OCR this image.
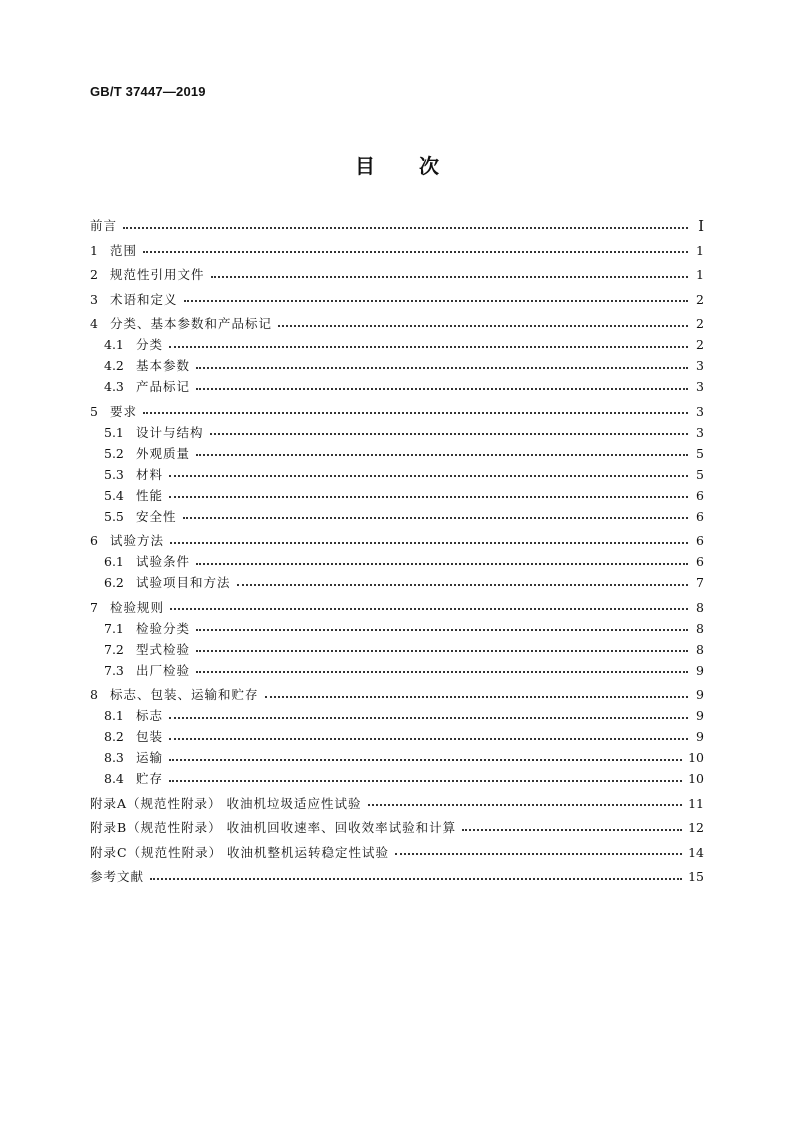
GB/T 37447—2019
目次
前言	Ⅰ
1 范围	1
2 规范性引用文件	1
3 术语和定义	2
4 分类、基本参数和产品标记	2
4.1 分类	2
4.2 基本参数	3
4.3 产品标记	3
5 要求	3
5.1 设计与结构	3
5.2 外观质量	5
5.3 材料	5
5.4 性能	6
5.5 安全性	6
6 试验方法	6
6.1 试验条件	6
6.2 试验项目和方法	7
7 检验规则	8
7.1 检验分类	8
7.2 型式检验	8
7.3 出厂检验	9
8 标志、包装、运输和贮存	9
8.1 标志	9
8.2 包装	9
8.3 运输	10
8.4 贮存	10
附录A（规范性附录） 收油机垃圾适应性试验	11
附录B（规范性附录） 收油机回收速率、回收效率试验和计算	12
附录C（规范性附录） 收油机整机运转稳定性试验	14
参考文献	15
